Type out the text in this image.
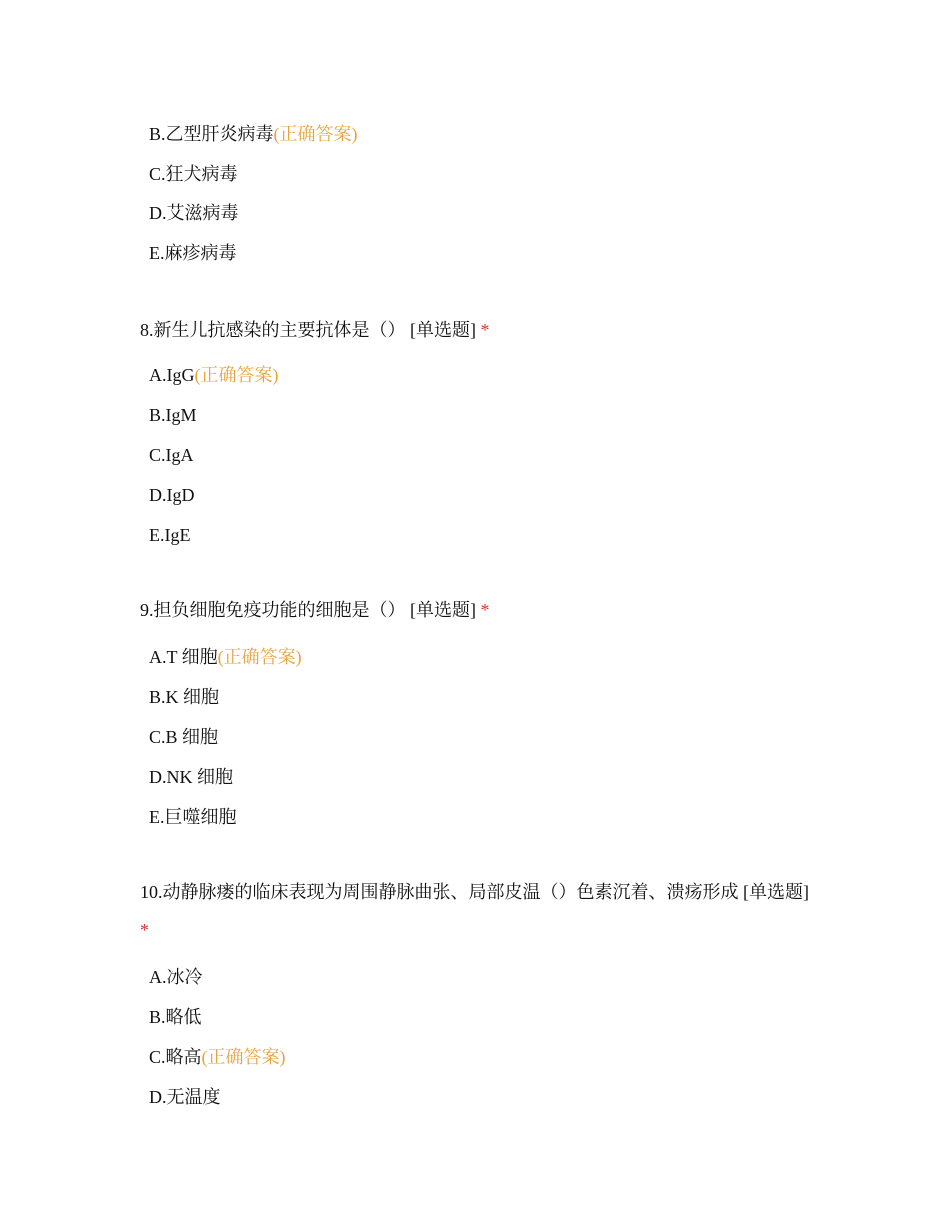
B.乙型肝炎病毒(正确答案)
C.狂犬病毒
D.艾滋病毒
E.麻疹病毒
8.新生儿抗感染的主要抗体是（） [单选题] *
A.IgG(正确答案)
B.IgM
C.IgA
D.IgD
E.IgE
9.担负细胞免疫功能的细胞是（） [单选题] *
A.T 细胞(正确答案)
B.K 细胞
C.B 细胞
D.NK 细胞
E.巨噬细胞
10.动静脉瘘的临床表现为周围静脉曲张、局部皮温（）色素沉着、溃疡形成 [单选题] *
A.冰冷
B.略低
C.略高(正确答案)
D.无温度
